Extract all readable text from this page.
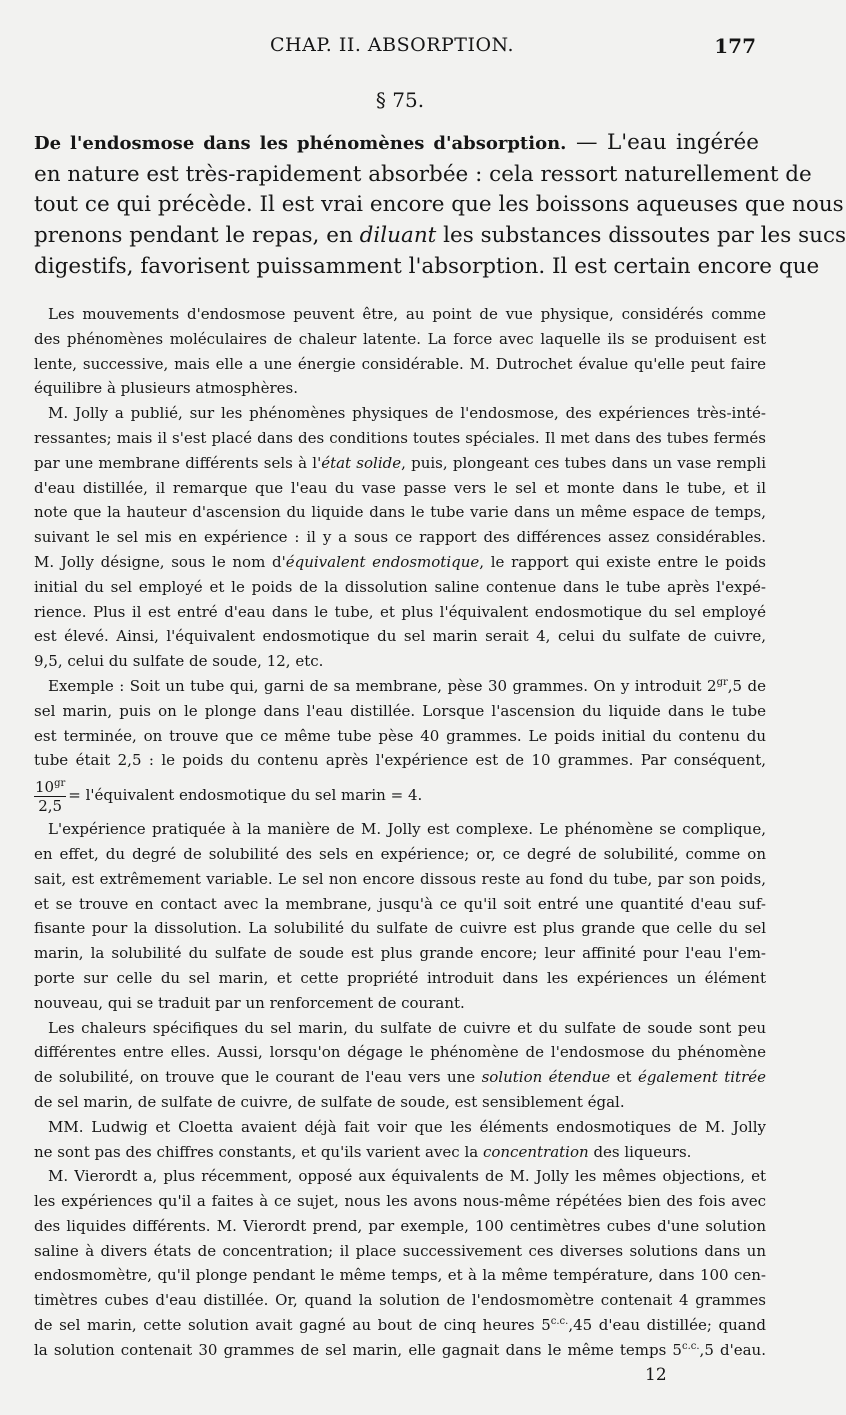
CHAP. II. ABSORPTION.	177
§ 75.
De l'endosmose dans les phénomènes d'absorption. — L'eau ingérée
en nature est très-rapidement absorbée : cela ressort naturellement de
tout ce qui précède. Il est vrai encore que les boissons aqueuses que nous
prenons pendant le repas, en diluant les substances dissoutes par les sucs
digestifs, favorisent puissamment l'absorption. Il est certain encore que
Les mouvements d'endosmose peuvent être, au point de vue physique, considérés comme
des phénomènes moléculaires de chaleur latente. La force avec laquelle ils se produisent est
lente, successive, mais elle a une énergie considérable. M. Dutrochet évalue qu'elle peut faire
équilibre à plusieurs atmosphères.
M. Jolly a publié, sur les phénomènes physiques de l'endosmose, des expériences très-inté-
ressantes; mais il s'est placé dans des conditions toutes spéciales. Il met dans des tubes fermés
par une membrane différents sels à l'état solide, puis, plongeant ces tubes dans un vase rempli
d'eau distillée, il remarque que l'eau du vase passe vers le sel et monte dans le tube, et il
note que la hauteur d'ascension du liquide dans le tube varie dans un même espace de temps,
suivant le sel mis en expérience : il y a sous ce rapport des différences assez considérables.
M. Jolly désigne, sous le nom d'équivalent endosmotique, le rapport qui existe entre le poids
initial du sel employé et le poids de la dissolution saline contenue dans le tube après l'expé-
rience. Plus il est entré d'eau dans le tube, et plus l'équivalent endosmotique du sel employé
est élevé. Ainsi, l'équivalent endosmotique du sel marin serait 4, celui du sulfate de cuivre,
9,5, celui du sulfate de soude, 12, etc.
Exemple : Soit un tube qui, garni de sa membrane, pèse 30 grammes. On y introduit $2^{gr},5$ de
sel marin, puis on le plonge dans l'eau distillée. Lorsque l'ascension du liquide dans le tube
est terminée, on trouve que ce même tube pèse 40 grammes. Le poids initial du contenu du
tube était 2,5 : le poids du contenu après l'expérience est de 10 grammes. Par conséquent,
$\frac{10^{gr}}{2,5}$ = l'équivalent endosmotique du sel marin = 4.
L'expérience pratiquée à la manière de M. Jolly est complexe. Le phénomène se complique,
en effet, du degré de solubilité des sels en expérience; or, ce degré de solubilité, comme on
sait, est extrêmement variable. Le sel non encore dissous reste au fond du tube, par son poids,
et se trouve en contact avec la membrane, jusqu'à ce qu'il soit entré une quantité d'eau suf-
fisante pour la dissolution. La solubilité du sulfate de cuivre est plus grande que celle du sel
marin, la solubilité du sulfate de soude est plus grande encore; leur affinité pour l'eau l'em-
porte sur celle du sel marin, et cette propriété introduit dans les expériences un élément
nouveau, qui se traduit par un renforcement de courant.
Les chaleurs spécifiques du sel marin, du sulfate de cuivre et du sulfate de soude sont peu
différentes entre elles. Aussi, lorsqu'on dégage le phénomène de l'endosmose du phénomène
de solubilité, on trouve que le courant de l'eau vers une solution étendue et également titrée
de sel marin, de sulfate de cuivre, de sulfate de soude, est sensiblement égal.
MM. Ludwig et Cloetta avaient déjà fait voir que les éléments endosmotiques de M. Jolly
ne sont pas des chiffres constants, et qu'ils varient avec la concentration des liqueurs.
M. Vierordt a, plus récemment, opposé aux équivalents de M. Jolly les mêmes objections, et
les expériences qu'il a faites à ce sujet, nous les avons nous-même répétées bien des fois avec
des liquides différents. M. Vierordt prend, par exemple, 100 centimètres cubes d'une solution
saline à divers états de concentration; il place successivement ces diverses solutions dans un
endosmomètre, qu'il plonge pendant le même temps, et à la même température, dans 100 cen-
timètres cubes d'eau distillée. Or, quand la solution de l'endosmomètre contenait 4 grammes
de sel marin, cette solution avait gagné au bout de cinq heures $5^{c.c.},45$ d'eau distillée; quand
la solution contenait 30 grammes de sel marin, elle gagnait dans le même temps $5^{c.c.},5$ d'eau.
12
